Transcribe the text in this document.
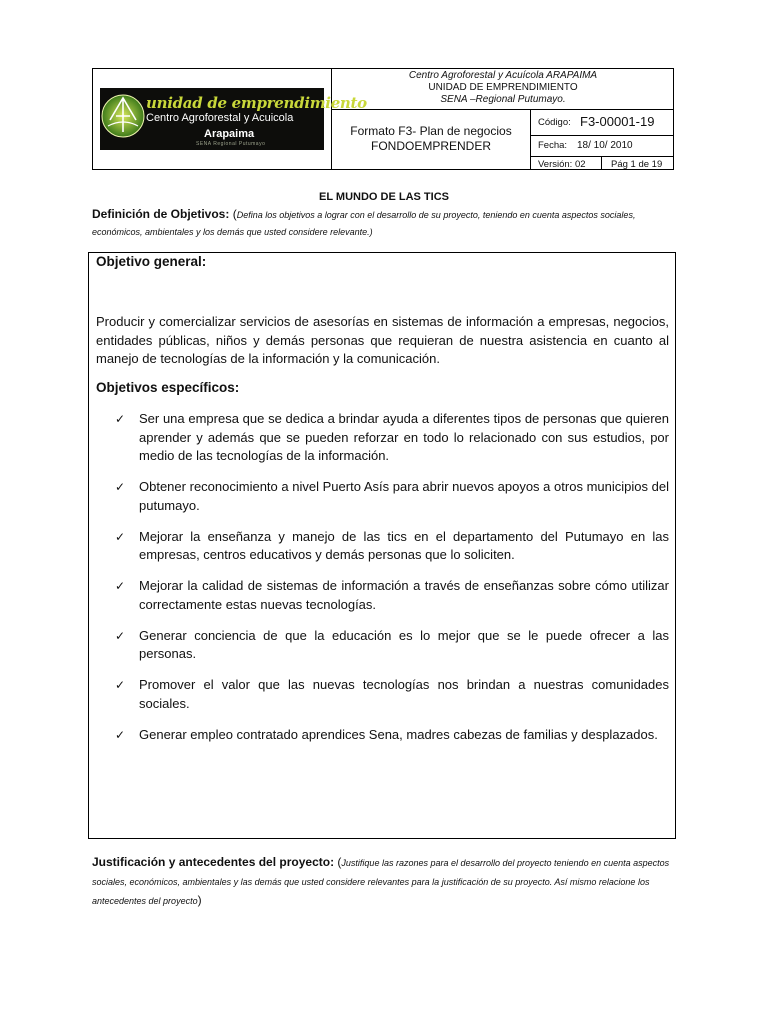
unidad de emprendimiento
Centro Agroforestal y Acuicola
Arapaima
SENA Regional Putumayo
Centro Agroforestal y Acuícola ARAPAIMA
UNIDAD DE EMPRENDIMIENTO
SENA –Regional Putumayo.
Formato F3- Plan de negocios
FONDOEMPRENDER
Código: F3-00001-19
Fecha: 18/ 10/ 2010
Versión: 02	Pág 1 de 19
EL MUNDO DE LAS TICS
Definición de Objetivos: (Defina los objetivos a lograr con el desarrollo de su proyecto, teniendo en cuenta aspectos sociales, económicos, ambientales y los demás que usted considere relevante.)
Objetivo general:
Producir y comercializar servicios de asesorías en sistemas de información a empresas, negocios, entidades públicas, niños y demás personas que requieran de nuestra asistencia en cuanto al manejo de tecnologías de la información y la comunicación.
Objetivos específicos:
✓ Ser una empresa que se dedica a brindar ayuda a diferentes tipos de personas que quieren aprender y además que se pueden reforzar en todo lo relacionado con sus estudios, por medio de las tecnologías de la información.
✓ Obtener reconocimiento a nivel Puerto Asís para abrir nuevos apoyos a otros municipios del putumayo.
✓ Mejorar la enseñanza y manejo de las tics en el departamento del Putumayo en las empresas, centros educativos y demás personas que lo soliciten.
✓ Mejorar la calidad de sistemas de información a través de enseñanzas sobre cómo utilizar correctamente estas nuevas tecnologías.
✓ Generar conciencia de que la educación es lo mejor que se le puede ofrecer a las personas.
✓ Promover el valor que las nuevas tecnologías nos brindan a nuestras comunidades sociales.
✓ Generar empleo contratado aprendices Sena, madres cabezas de familias y desplazados.
Justificación y antecedentes del proyecto: (Justifique las razones para el desarrollo del proyecto teniendo en cuenta aspectos sociales, económicos, ambientales y las demás que usted considere relevantes para la justificación de su proyecto. Así mismo relacione los antecedentes del proyecto)
